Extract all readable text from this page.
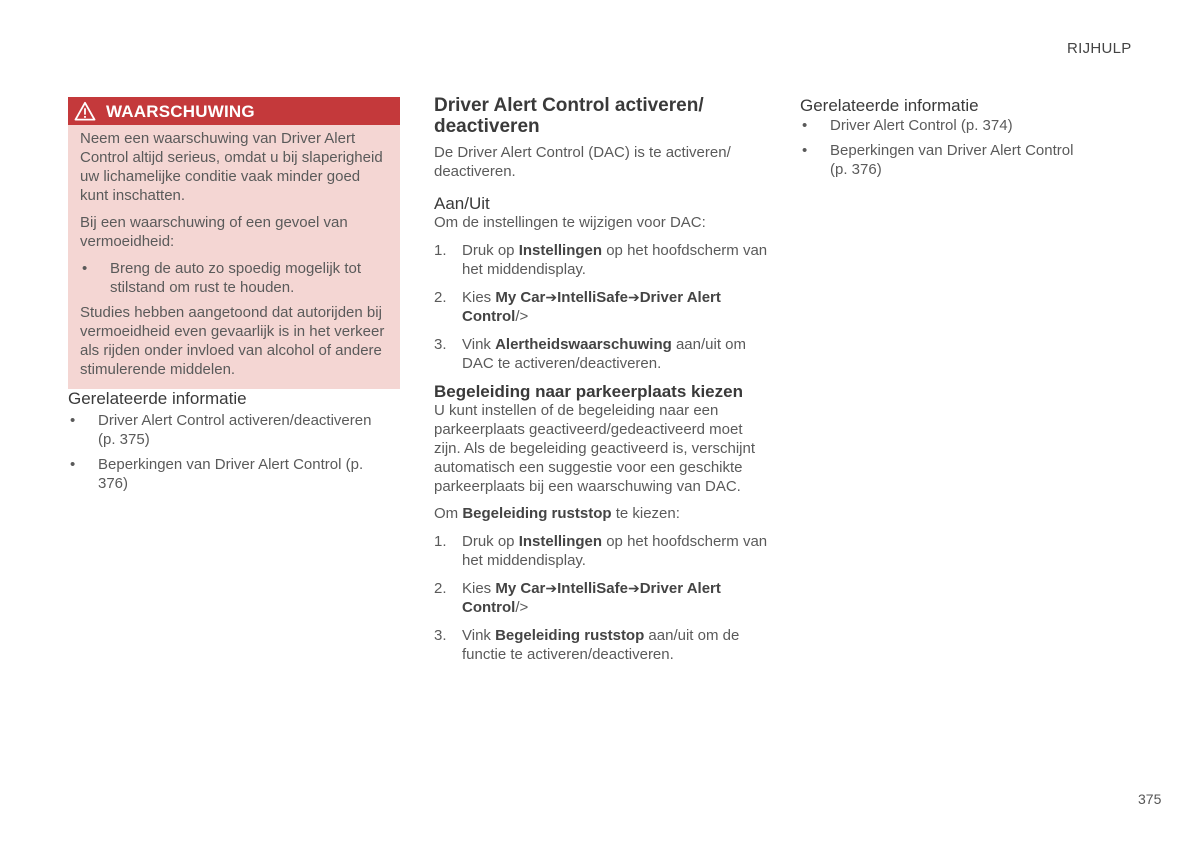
RIJHULP
375
WAARSCHUWING

Neem een waarschuwing van Driver Alert Control altijd serieus, omdat u bij slaperigheid uw lichamelijke conditie vaak minder goed kunt inschatten.

Bij een waarschuwing of een gevoel van vermoeidheid:

•	Breng de auto zo spoedig mogelijk tot stilstand om rust te houden.

Studies hebben aangetoond dat autorijden bij vermoeidheid even gevaarlijk is in het verkeer als rijden onder invloed van alcohol of andere stimulerende middelen.

Gerelateerde informatie

•	Driver Alert Control activeren/deactiveren (p. 375)
•	Beperkingen van Driver Alert Control (p. 376)

Driver Alert Control activeren/ deactiveren

De Driver Alert Control (DAC) is te activeren/ deactiveren.

Aan/Uit

Om de instellingen te wijzigen voor DAC:

1.	Druk op Instellingen op het hoofdscherm van het middendisplay.
2.	Kies My Car➔IntelliSafe➔Driver Alert Control/>
3.	Vink Alertheidswaarschuwing aan/uit om DAC te activeren/deactiveren.

Begeleiding naar parkeerplaats kiezen

U kunt instellen of de begeleiding naar een parkeerplaats geactiveerd/gedeactiveerd moet zijn. Als de begeleiding geactiveerd is, verschijnt automatisch een suggestie voor een geschikte parkeerplaats bij een waarschuwing van DAC.

Om Begeleiding ruststop te kiezen:

1.	Druk op Instellingen op het hoofdscherm van het middendisplay.
2.	Kies My Car➔IntelliSafe➔Driver Alert Control/>
3.	Vink Begeleiding ruststop aan/uit om de functie te activeren/deactiveren.

Gerelateerde informatie

•	Driver Alert Control (p. 374)
•	Beperkingen van Driver Alert Control (p. 376)
